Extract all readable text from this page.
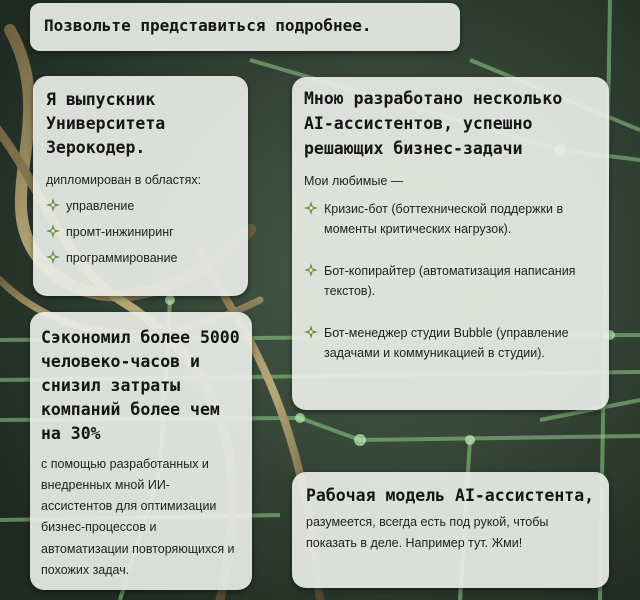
Позвольте представиться подробнее.
Я выпускник Университета Зерокодер.
дипломирован в областях:
управление
промт-инжиниринг
программирование
Мною разработано несколько AI-ассистентов, успешно решающих бизнес-задачи
Мои любимые —
Кризис-бот (боттехнической поддержки в моменты критических нагрузок).
Бот-копирайтер (автоматизация написания текстов).
Бот-менеджер студии Bubble (управление задачами и коммуникацией в студии).
Сэкономил более 5000 человеко-часов и снизил затраты компаний более чем на 30%
с помощью разработанных и внедренных мной ИИ-ассистентов для оптимизации бизнес-процессов и автоматизации повторяющихся и похожих задач.
Рабочая модель AI-ассистента,
разумеется, всегда есть под рукой, чтобы показать в деле. Например тут. Жми!
